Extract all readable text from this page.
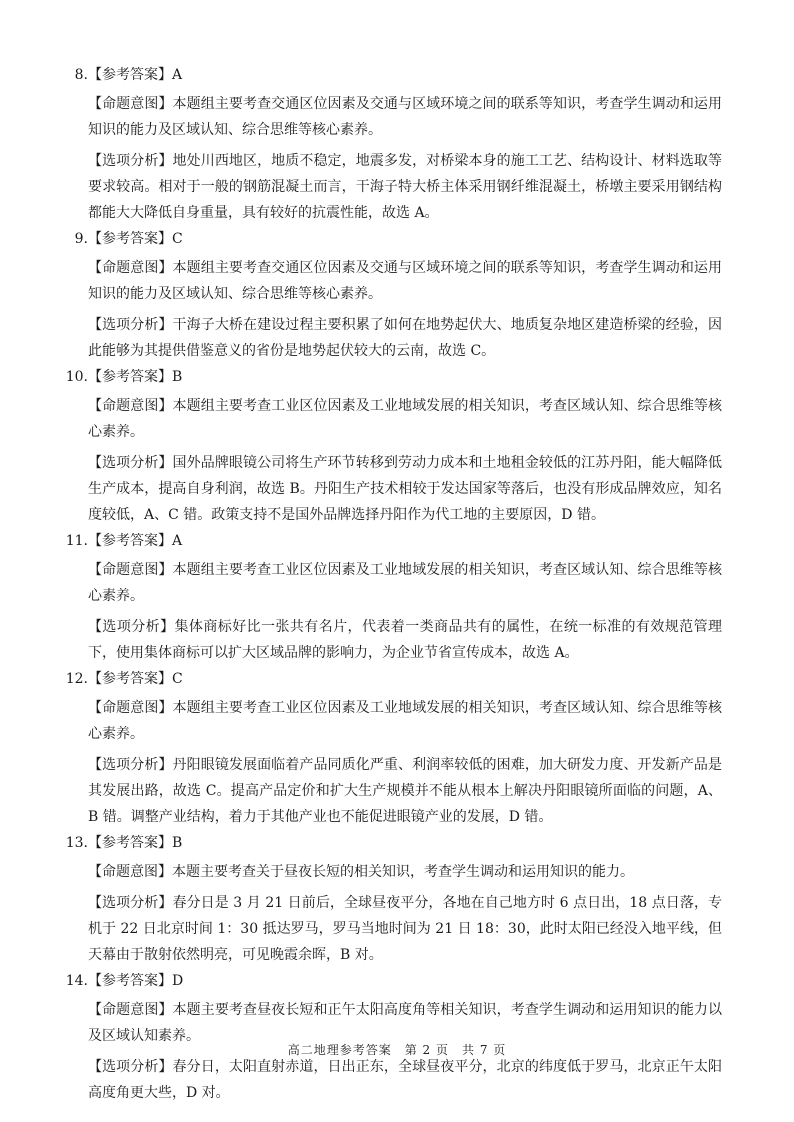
8.【参考答案】A
【命题意图】本题组主要考查交通区位因素及交通与区域环境之间的联系等知识，考查学生调动和运用知识的能力及区域认知、综合思维等核心素养。
【选项分析】地处川西地区，地质不稳定，地震多发，对桥梁本身的施工工艺、结构设计、材料选取等要求较高。相对于一般的钢筋混凝土而言，干海子特大桥主体采用钢纤维混凝土，桥墩主要采用钢结构都能大大降低自身重量，具有较好的抗震性能，故选 A。
9.【参考答案】C
【命题意图】本题组主要考查交通区位因素及交通与区域环境之间的联系等知识，考查学生调动和运用知识的能力及区域认知、综合思维等核心素养。
【选项分析】干海子大桥在建设过程主要积累了如何在地势起伏大、地质复杂地区建造桥梁的经验，因此能够为其提供借鉴意义的省份是地势起伏较大的云南，故选 C。
10.【参考答案】B
【命题意图】本题组主要考查工业区位因素及工业地域发展的相关知识，考查区域认知、综合思维等核心素养。
【选项分析】国外品牌眼镜公司将生产环节转移到劳动力成本和土地租金较低的江苏丹阳，能大幅降低生产成本，提高自身利润，故选 B。丹阳生产技术相较于发达国家等落后，也没有形成品牌效应，知名度较低，A、C 错。政策支持不是国外品牌选择丹阳作为代工地的主要原因，D 错。
11.【参考答案】A
【命题意图】本题组主要考查工业区位因素及工业地域发展的相关知识，考查区域认知、综合思维等核心素养。
【选项分析】集体商标好比一张共有名片，代表着一类商品共有的属性，在统一标准的有效规范管理下，使用集体商标可以扩大区域品牌的影响力，为企业节省宣传成本，故选 A。
12.【参考答案】C
【命题意图】本题组主要考查工业区位因素及工业地域发展的相关知识，考查区域认知、综合思维等核心素养。
【选项分析】丹阳眼镜发展面临着产品同质化严重、利润率较低的困难，加大研发力度、开发新产品是其发展出路，故选 C。提高产品定价和扩大生产规模并不能从根本上解决丹阳眼镜所面临的问题，A、B 错。调整产业结构，着力于其他产业也不能促进眼镜产业的发展，D 错。
13.【参考答案】B
【命题意图】本题主要考查关于昼夜长短的相关知识，考查学生调动和运用知识的能力。
【选项分析】春分日是 3 月 21 日前后，全球昼夜平分，各地在自己地方时 6 点日出，18 点日落，专机于 22 日北京时间 1：30 抵达罗马，罗马当地时间为 21 日 18：30，此时太阳已经没入地平线，但天幕由于散射依然明亮，可见晚霞余晖，B 对。
14.【参考答案】D
【命题意图】本题主要考查昼夜长短和正午太阳高度角等相关知识，考查学生调动和运用知识的能力以及区域认知素养。
【选项分析】春分日，太阳直射赤道，日出正东，全球昼夜平分，北京的纬度低于罗马，北京正午太阳高度角更大些，D 对。
高二地理参考答案　第 2 页　共 7 页
